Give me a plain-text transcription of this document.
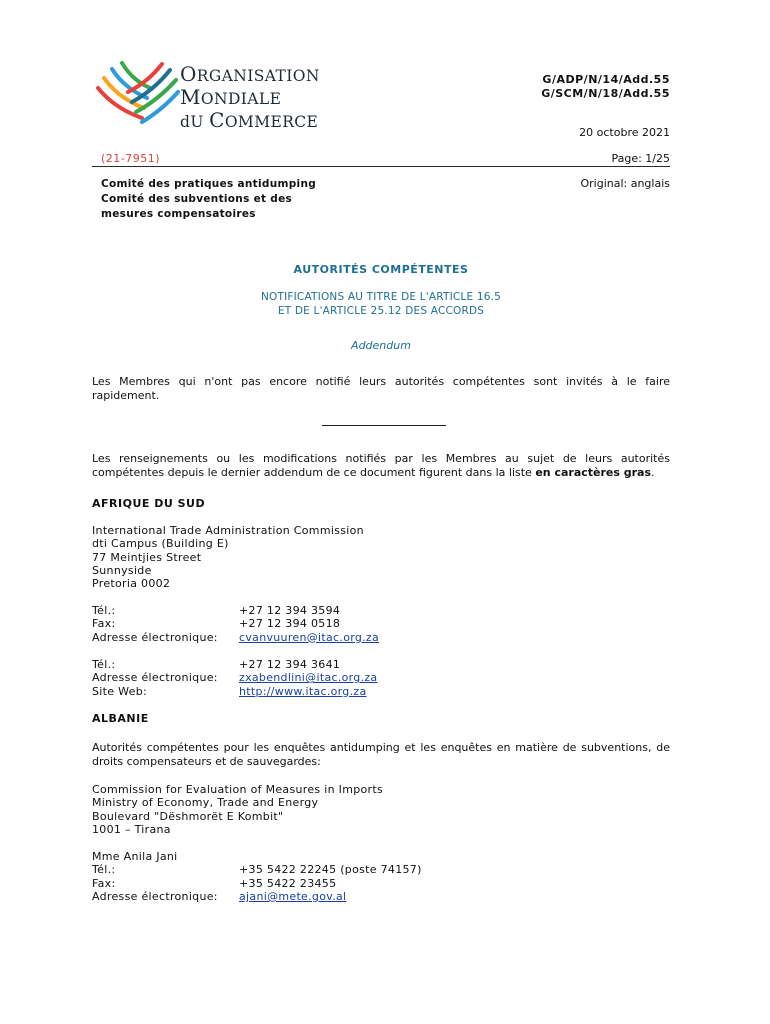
ORGANISATION
MONDIALE
dU COMMERCE
G/ADP/N/14/Add.55
G/SCM/N/18/Add.55
20 octobre 2021
(21-7951)	Page: 1/25
Comité des pratiques antidumping
Comité des subventions et des
mesures compensatoires
Original: anglais
AUTORITÉS COMPÉTENTES
NOTIFICATIONS AU TITRE DE L'ARTICLE 16.5
ET DE L'ARTICLE 25.12 DES ACCORDS
Addendum
Les Membres qui n'ont pas encore notifié leurs autorités compétentes sont invités à le faire rapidement.
Les renseignements ou les modifications notifiés par les Membres au sujet de leurs autorités compétentes depuis le dernier addendum de ce document figurent dans la liste en caractères gras.
AFRIQUE DU SUD
International Trade Administration Commission
dti Campus (Building E)
77 Meintjies Street
Sunnyside
Pretoria 0002
Tél.:	+27 12 394 3594
Fax:	+27 12 394 0518
Adresse électronique:	cvanvuuren@itac.org.za
Tél.:	+27 12 394 3641
Adresse électronique:	zxabendlini@itac.org.za
Site Web:	http://www.itac.org.za
ALBANIE
Autorités compétentes pour les enquêtes antidumping et les enquêtes en matière de subventions, de droits compensateurs et de sauvegardes:
Commission for Evaluation of Measures in Imports
Ministry of Economy, Trade and Energy
Boulevard "Dëshmorët E Kombit"
1001 – Tirana
Mme Anila Jani
Tél.:	+35 5422 22245 (poste 74157)
Fax:	+35 5422 23455
Adresse électronique:	ajani@mete.gov.al
